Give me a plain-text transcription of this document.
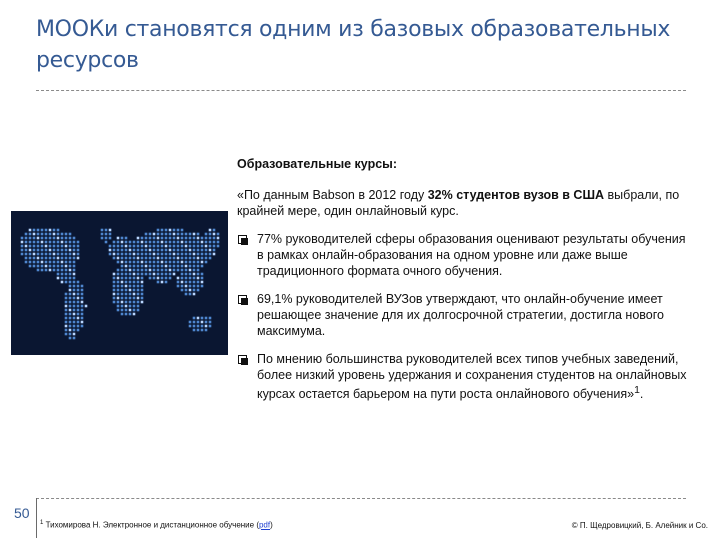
МООКи становятся одним из базовых образовательных ресурсов

Образовательные курсы:

«По данным Babson в 2012 году 32% студентов вузов в США выбрали, по крайней мере, один онлайновый курс.

77% руководителей сферы образования оценивают результаты обучения в рамках онлайн-образования на одном уровне или даже выше традиционного формата очного обучения.
69,1% руководителей ВУЗов утверждают, что онлайн-обучение имеет решающее значение для их долгосрочной стратегии, достигла нового максимума.
По мнению большинства руководителей всех типов учебных заведений, более низкий уровень удержания и сохранения студентов на онлайновых курсах остается барьером на пути роста онлайнового обучения»$^1$.
50
$^1$ Тихомирова Н. Электронное и дистанционное обучение (pdf)	© П. Щедровицкий, Б. Алейник и Со.
